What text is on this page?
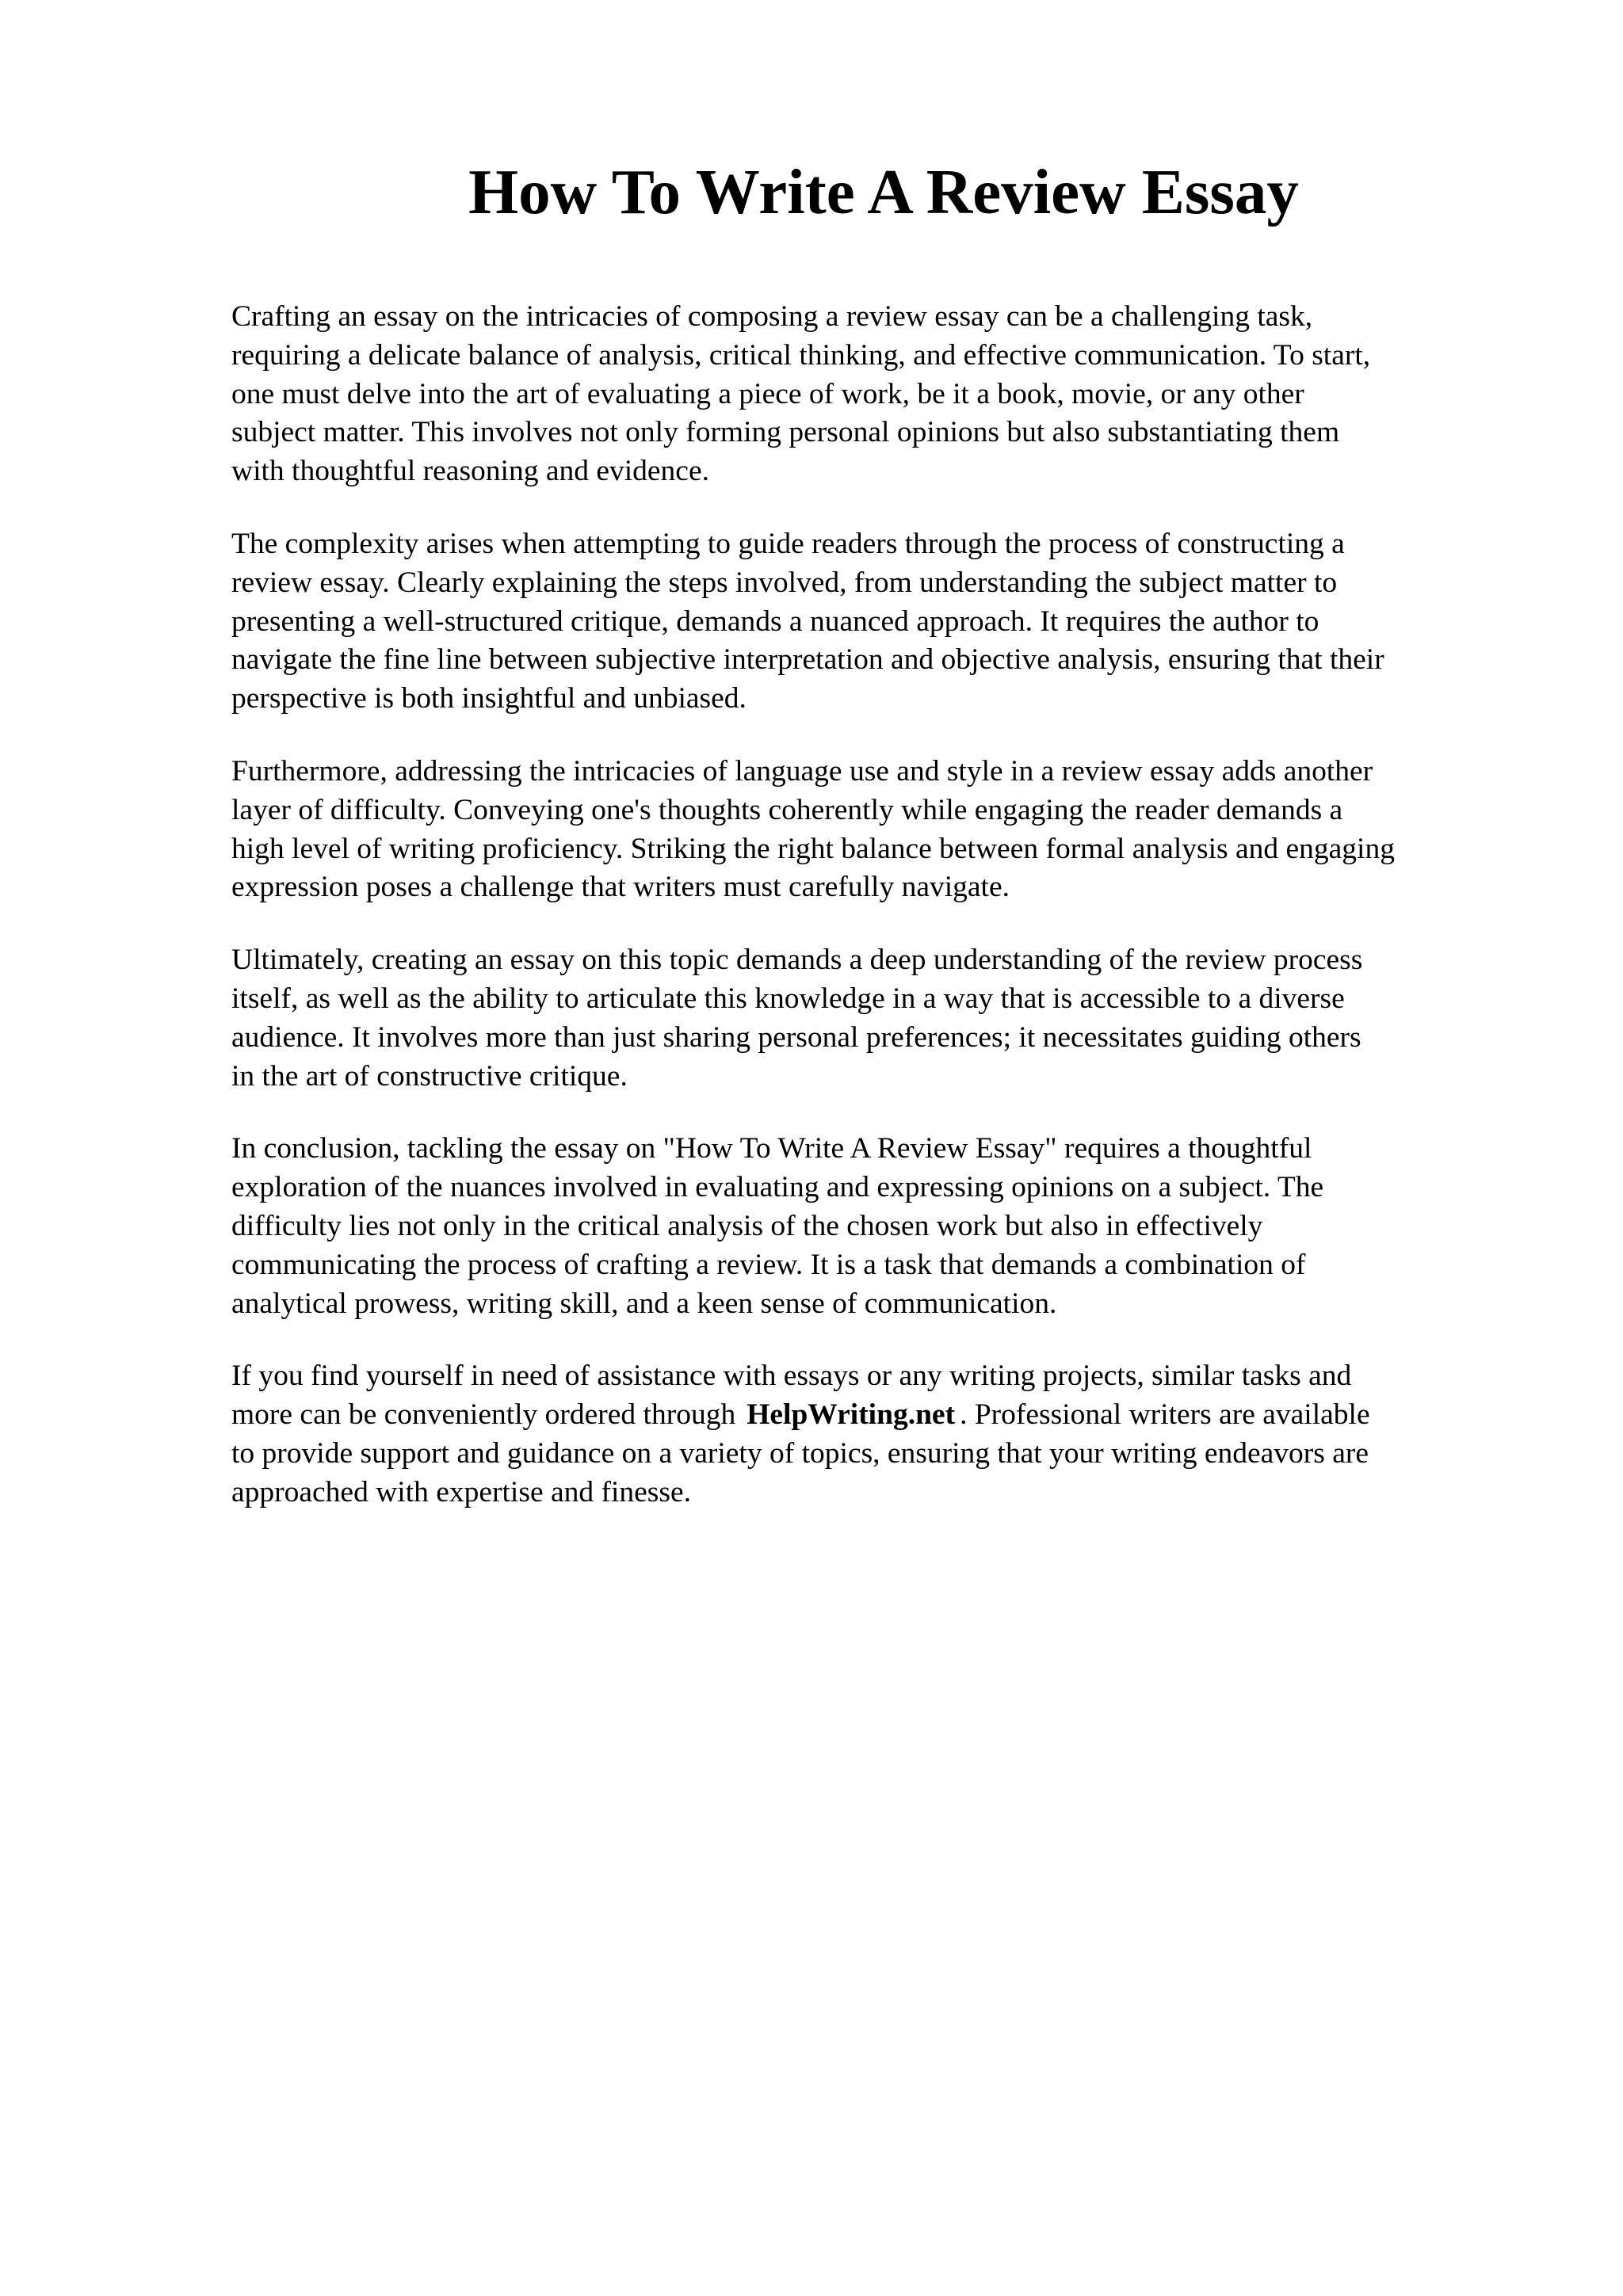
How To Write A Review Essay

Crafting an essay on the intricacies of composing a review essay can be a challenging task,
requiring a delicate balance of analysis, critical thinking, and effective communication. To start,
one must delve into the art of evaluating a piece of work, be it a book, movie, or any other
subject matter. This involves not only forming personal opinions but also substantiating them
with thoughtful reasoning and evidence.

The complexity arises when attempting to guide readers through the process of constructing a
review essay. Clearly explaining the steps involved, from understanding the subject matter to
presenting a well-structured critique, demands a nuanced approach. It requires the author to
navigate the fine line between subjective interpretation and objective analysis, ensuring that their
perspective is both insightful and unbiased.

Furthermore, addressing the intricacies of language use and style in a review essay adds another
layer of difficulty. Conveying one's thoughts coherently while engaging the reader demands a
high level of writing proficiency. Striking the right balance between formal analysis and engaging
expression poses a challenge that writers must carefully navigate.

Ultimately, creating an essay on this topic demands a deep understanding of the review process
itself, as well as the ability to articulate this knowledge in a way that is accessible to a diverse
audience. It involves more than just sharing personal preferences; it necessitates guiding others
in the art of constructive critique.

In conclusion, tackling the essay on "How To Write A Review Essay" requires a thoughtful
exploration of the nuances involved in evaluating and expressing opinions on a subject. The
difficulty lies not only in the critical analysis of the chosen work but also in effectively
communicating the process of crafting a review. It is a task that demands a combination of
analytical prowess, writing skill, and a keen sense of communication.

If you find yourself in need of assistance with essays or any writing projects, similar tasks and
more can be conveniently ordered through HelpWriting.net . Professional writers are available
to provide support and guidance on a variety of topics, ensuring that your writing endeavors are
approached with expertise and finesse.
